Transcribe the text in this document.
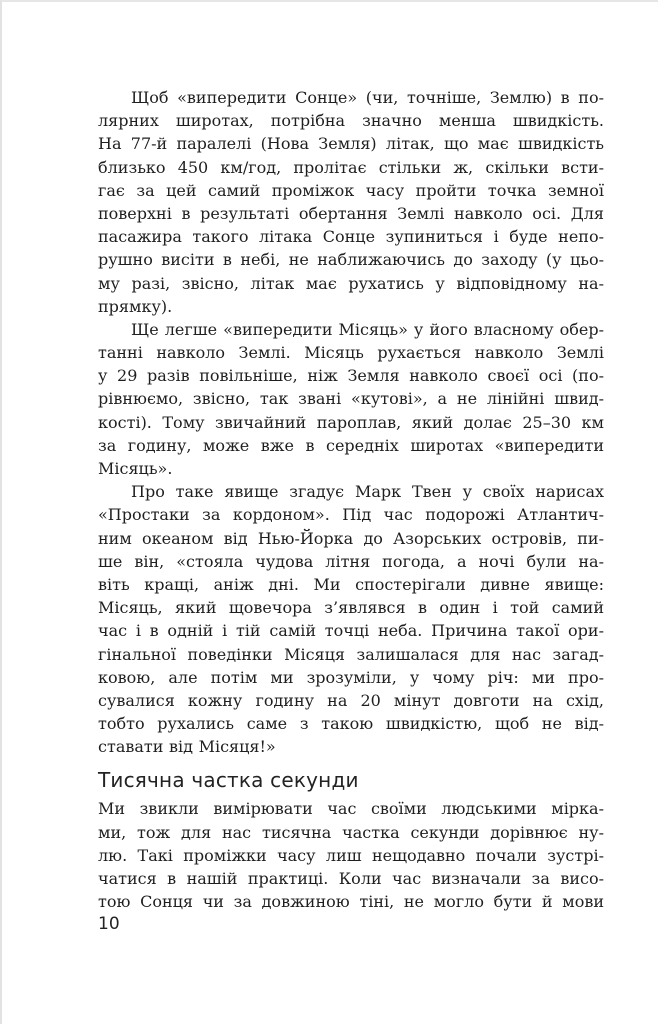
Щоб «випередити Сонце» (чи, точніше, Землю) в по-
лярних широтах, потрібна значно менша швидкість.
На 77-й паралелі (Нова Земля) літак, що має швидкість
близько 450 км/год, пролітає стільки ж, скільки всти-
гає за цей самий проміжок часу пройти точка земної
поверхні в результаті обертання Землі навколо осі. Для
пасажира такого літака Сонце зупиниться і буде непо-
рушно висіти в небі, не наближаючись до заходу (у цьо-
му разі, звісно, літак має рухатись у відповідному на-
прямку).
Ще легше «випередити Місяць» у його власному обер-
танні навколо Землі. Місяць рухається навколо Землі
у 29 разів повільніше, ніж Земля навколо своєї осі (по-
рівнюємо, звісно, так звані «кутові», а не лінійні швид-
кості). Тому звичайний пароплав, який долає 25–30 км
за годину, може вже в середніх широтах «випередити
Місяць».
Про таке явище згадує Марк Твен у своїх нарисах
«Простаки за кордоном». Під час подорожі Атлантич-
ним океаном від Нью-Йорка до Азорських островів, пи-
ше він, «стояла чудова літня погода, а ночі були на-
віть кращі, аніж дні. Ми спостерігали дивне явище:
Місяць, який щовечора з’являвся в один і той самий
час і в одній і тій самій точці неба. Причина такої ори-
гінальної поведінки Місяця залишалася для нас загад-
ковою, але потім ми зрозуміли, у чому річ: ми про-
сувалися кожну годину на 20 мінут довготи на схід,
тобто рухались саме з такою швидкістю, щоб не від-
ставати від Місяця!»
Тисячна частка секунди
Ми звикли вимірювати час своїми людськими мірка-
ми, тож для нас тисячна частка секунди дорівнює ну-
лю. Такі проміжки часу лиш нещодавно почали зустрі-
чатися в нашій практиці. Коли час визначали за висо-
тою Сонця чи за довжиною тіні, не могло бути й мови
10
